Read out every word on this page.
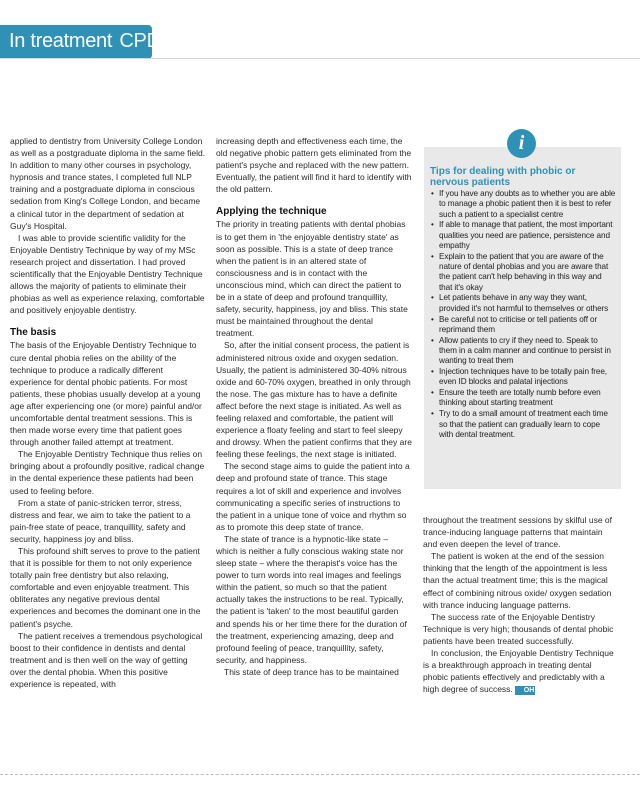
In treatment CPD

applied to dentistry from University College London as well as a postgraduate diploma in the same field. In addition to many other courses in psychology, hypnosis and trance states, I completed full NLP training and a postgraduate diploma in conscious sedation from King's College London, and became a clinical tutor in the department of sedation at Guy's Hospital.

I was able to provide scientific validity for the Enjoyable Dentistry Technique by way of my MSc research project and dissertation. I had proved scientifically that the Enjoyable Dentistry Technique allows the majority of patients to eliminate their phobias as well as experience relaxing, comfortable and positively enjoyable dentistry.

The basis

The basis of the Enjoyable Dentistry Technique to cure dental phobia relies on the ability of the technique to produce a radically different experience for dental phobic patients. For most patients, these phobias usually develop at a young age after experiencing one (or more) painful and/or uncomfortable dental treatment sessions. This is then made worse every time that patient goes through another failed attempt at treatment.

The Enjoyable Dentistry Technique thus relies on bringing about a profoundly positive, radical change in the dental experience these patients had been used to feeling before.

From a state of panic-stricken terror, stress, distress and fear, we aim to take the patient to a pain-free state of peace, tranquillity, safety and security, happiness joy and bliss.

This profound shift serves to prove to the patient that it is possible for them to not only experience totally pain free dentistry but also relaxing, comfortable and even enjoyable treatment. This obliterates any negative previous dental experiences and becomes the dominant one in the patient's psyche.

The patient receives a tremendous psychological boost to their confidence in dentists and dental treatment and is then well on the way of getting over the dental phobia. When this positive experience is repeated, with

increasing depth and effectiveness each time, the old negative phobic pattern gets eliminated from the patient's psyche and replaced with the new pattern. Eventually, the patient will find it hard to identify with the old pattern.

Applying the technique

The priority in treating patients with dental phobias is to get them in 'the enjoyable dentistry state' as soon as possible. This is a state of deep trance when the patient is in an altered state of consciousness and is in contact with the unconscious mind, which can direct the patient to be in a state of deep and profound tranquillity, safety, security, happiness, joy and bliss. This state must be maintained throughout the dental treatment.

So, after the initial consent process, the patient is administered nitrous oxide and oxygen sedation. Usually, the patient is administered 30-40% nitrous oxide and 60-70% oxygen, breathed in only through the nose. The gas mixture has to have a definite affect before the next stage is initiated. As well as feeling relaxed and comfortable, the patient will experience a floaty feeling and start to feel sleepy and drowsy. When the patient confirms that they are feeling these feelings, the next stage is initiated.

The second stage aims to guide the patient into a deep and profound state of trance. This stage requires a lot of skill and experience and involves communicating a specific series of instructions to the patient in a unique tone of voice and rhythm so as to promote this deep state of trance.

The state of trance is a hypnotic-like state – which is neither a fully conscious waking state nor sleep state – where the therapist's voice has the power to turn words into real images and feelings within the patient, so much so that the patient actually takes the instructions to be real. Typically, the patient is 'taken' to the most beautiful garden and spends his or her time there for the duration of the treatment, experiencing amazing, deep and profound feeling of peace, tranquillity, safety, security, and happiness.

This state of deep trance has to be maintained

Tips for dealing with phobic or nervous patients
• If you have any doubts as to whether you are able to manage a phobic patient then it is best to refer such a patient to a specialist centre
• If able to manage that patient, the most important qualities you need are patience, persistence and empathy
• Explain to the patient that you are aware of the nature of dental phobias and you are aware that the patient can't help behaving in this way and that it's okay
• Let patients behave in any way they want, provided it's not harmful to themselves or others
• Be careful not to criticise or tell patients off or reprimand them
• Allow patients to cry if they need to. Speak to them in a calm manner and continue to persist in wanting to treat them
• Injection techniques have to be totally pain free, even ID blocks and palatal injections
• Ensure the teeth are totally numb before even thinking about starting treatment
• Try to do a small amount of treatment each time so that the patient can gradually learn to cope with dental treatment.
i

throughout the treatment sessions by skilful use of trance-inducing language patterns that maintain and even deepen the level of trance.

The patient is woken at the end of the session thinking that the length of the appointment is less than the actual treatment time; this is the magical effect of combining nitrous oxide/ oxygen sedation with trance inducing language patterns.

The success rate of the Enjoyable Dentistry Technique is very high; thousands of dental phobic patients have been treated successfully.

In conclusion, the Enjoyable Dentistry Technique is a breakthrough approach in treating dental phobic patients effectively and predictably with a high degree of success. OH
